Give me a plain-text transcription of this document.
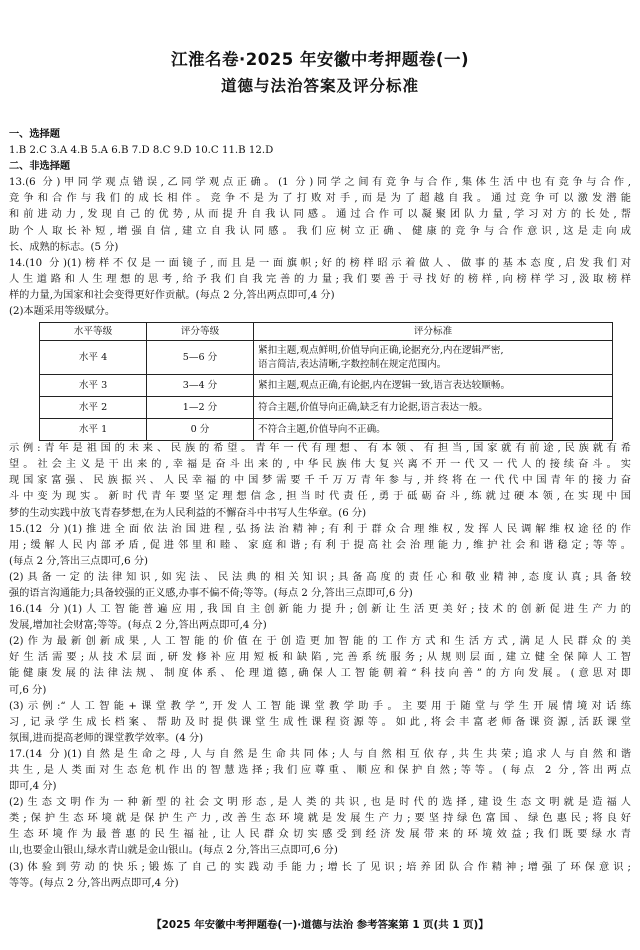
江淮名卷·2025 年安徽中考押题卷(一)
道德与法治答案及评分标准
一、选择题
1.B 2.C 3.A 4.B 5.A 6.B 7.D 8.C 9.D 10.C 11.B 12.D
二、非选择题
13.(6 分)甲同学观点错误,乙同学观点正确。(1 分)同学之间有竞争与合作,集体生活中也有竞争与合作,
竞争和合作与我们的成长相伴。竞争不是为了打败对手,而是为了超越自我。通过竞争可以激发潜能
和前进动力,发现自己的优势,从而提升自我认同感。通过合作可以凝聚团队力量,学习对方的长处,帮
助个人取长补短,增强自信,建立自我认同感。我们应树立正确、健康的竞争与合作意识,这是走向成
长、成熟的标志。(5 分)
14.(10 分)(1)榜样不仅是一面镜子,而且是一面旗帜;好的榜样昭示着做人、做事的基本态度,启发我们对
人生道路和人生理想的思考,给予我们自我完善的力量;我们要善于寻找好的榜样,向榜样学习,汲取榜样
样的力量,为国家和社会变得更好作贡献。(每点 2 分,答出两点即可,4 分)
(2)本题采用等级赋分。
水平等级	评分等级	评分标准
水平 4	5—6 分	紧扣主题,观点鲜明,价值导向正确,论据充分,内在逻辑严密,
语言简洁,表达清晰,字数控制在规定范围内。

水平 3	3—4 分	紧扣主题,观点正确,有论据,内在逻辑一致,语言表达较顺畅。

水平 2	1—2 分	符合主题,价值导向正确,缺乏有力论据,语言表达一般。

水平 1	0 分	不符合主题,价值导向不正确。
示例:青年是祖国的未来、民族的希望。青年一代有理想、有本领、有担当,国家就有前途,民族就有希
望。社会主义是干出来的,幸福是奋斗出来的,中华民族伟大复兴离不开一代又一代人的接续奋斗。实
现国家富强、民族振兴、人民幸福的中国梦需要千千万万青年参与,并终将在一代代中国青年的接力奋
斗中变为现实。新时代青年要坚定理想信念,担当时代责任,勇于砥砺奋斗,练就过硬本领,在实现中国
梦的生动实践中放飞青春梦想,在为人民利益的不懈奋斗中书写人生华章。(6 分)
15.(12 分)(1)推进全面依法治国进程,弘扬法治精神;有利于群众合理维权,发挥人民调解维权途径的作
用;缓解人民内部矛盾,促进邻里和睦、家庭和谐;有利于提高社会治理能力,维护社会和谐稳定;等等。
(每点 2 分,答出三点即可,6 分)
(2)具备一定的法律知识,如宪法、民法典的相关知识;具备高度的责任心和敬业精神,态度认真;具备较
强的语言沟通能力;具备较强的正义感,办事不偏不倚;等等。(每点 2 分,答出三点即可,6 分)
16.(14 分)(1)人工智能普遍应用,我国自主创新能力提升;创新让生活更美好;技术的创新促进生产力的
发展,增加社会财富;等等。(每点 2 分,答出两点即可,4 分)
(2)作为最新创新成果,人工智能的价值在于创造更加智能的工作方式和生活方式,满足人民群众的美
好生活需要;从技术层面,研发修补应用短板和缺陷,完善系统服务;从规则层面,建立健全保障人工智
能健康发展的法律法规、制度体系、伦理道德,确保人工智能朝着“科技向善”的方向发展。(意思对即
可,6 分)
(3)示例:“人工智能+课堂教学”,开发人工智能课堂教学助手。主要用于随堂与学生开展情境对话练
习,记录学生成长档案、帮助及时提供课堂生成性课程资源等。如此,将会丰富老师备课资源,活跃课堂
氛围,进而提高老师的课堂教学效率。(4 分)
17.(14 分)(1)自然是生命之母,人与自然是生命共同体;人与自然相互依存,共生共荣;追求人与自然和谐
共生,是人类面对生态危机作出的智慧选择;我们应尊重、顺应和保护自然;等等。(每点 2 分,答出两点
即可,4 分)
(2)生态文明作为一种新型的社会文明形态,是人类的共识,也是时代的选择,建设生态文明就是造福人
类;保护生态环境就是保护生产力,改善生态环境就是发展生产力;要坚持绿色富国、绿色惠民;将良好
生态环境作为最普惠的民生福祉,让人民群众切实感受到经济发展带来的环境效益;我们既要绿水青
山,也要金山银山,绿水青山就是金山银山。(每点 2 分,答出三点即可,6 分)
(3)体验到劳动的快乐;锻炼了自己的实践动手能力;增长了见识;培养团队合作精神;增强了环保意识;
等等。(每点 2 分,答出两点即可,4 分)
【2025 年安徽中考押题卷(一)·道德与法治 参考答案第 1 页(共 1 页)】
